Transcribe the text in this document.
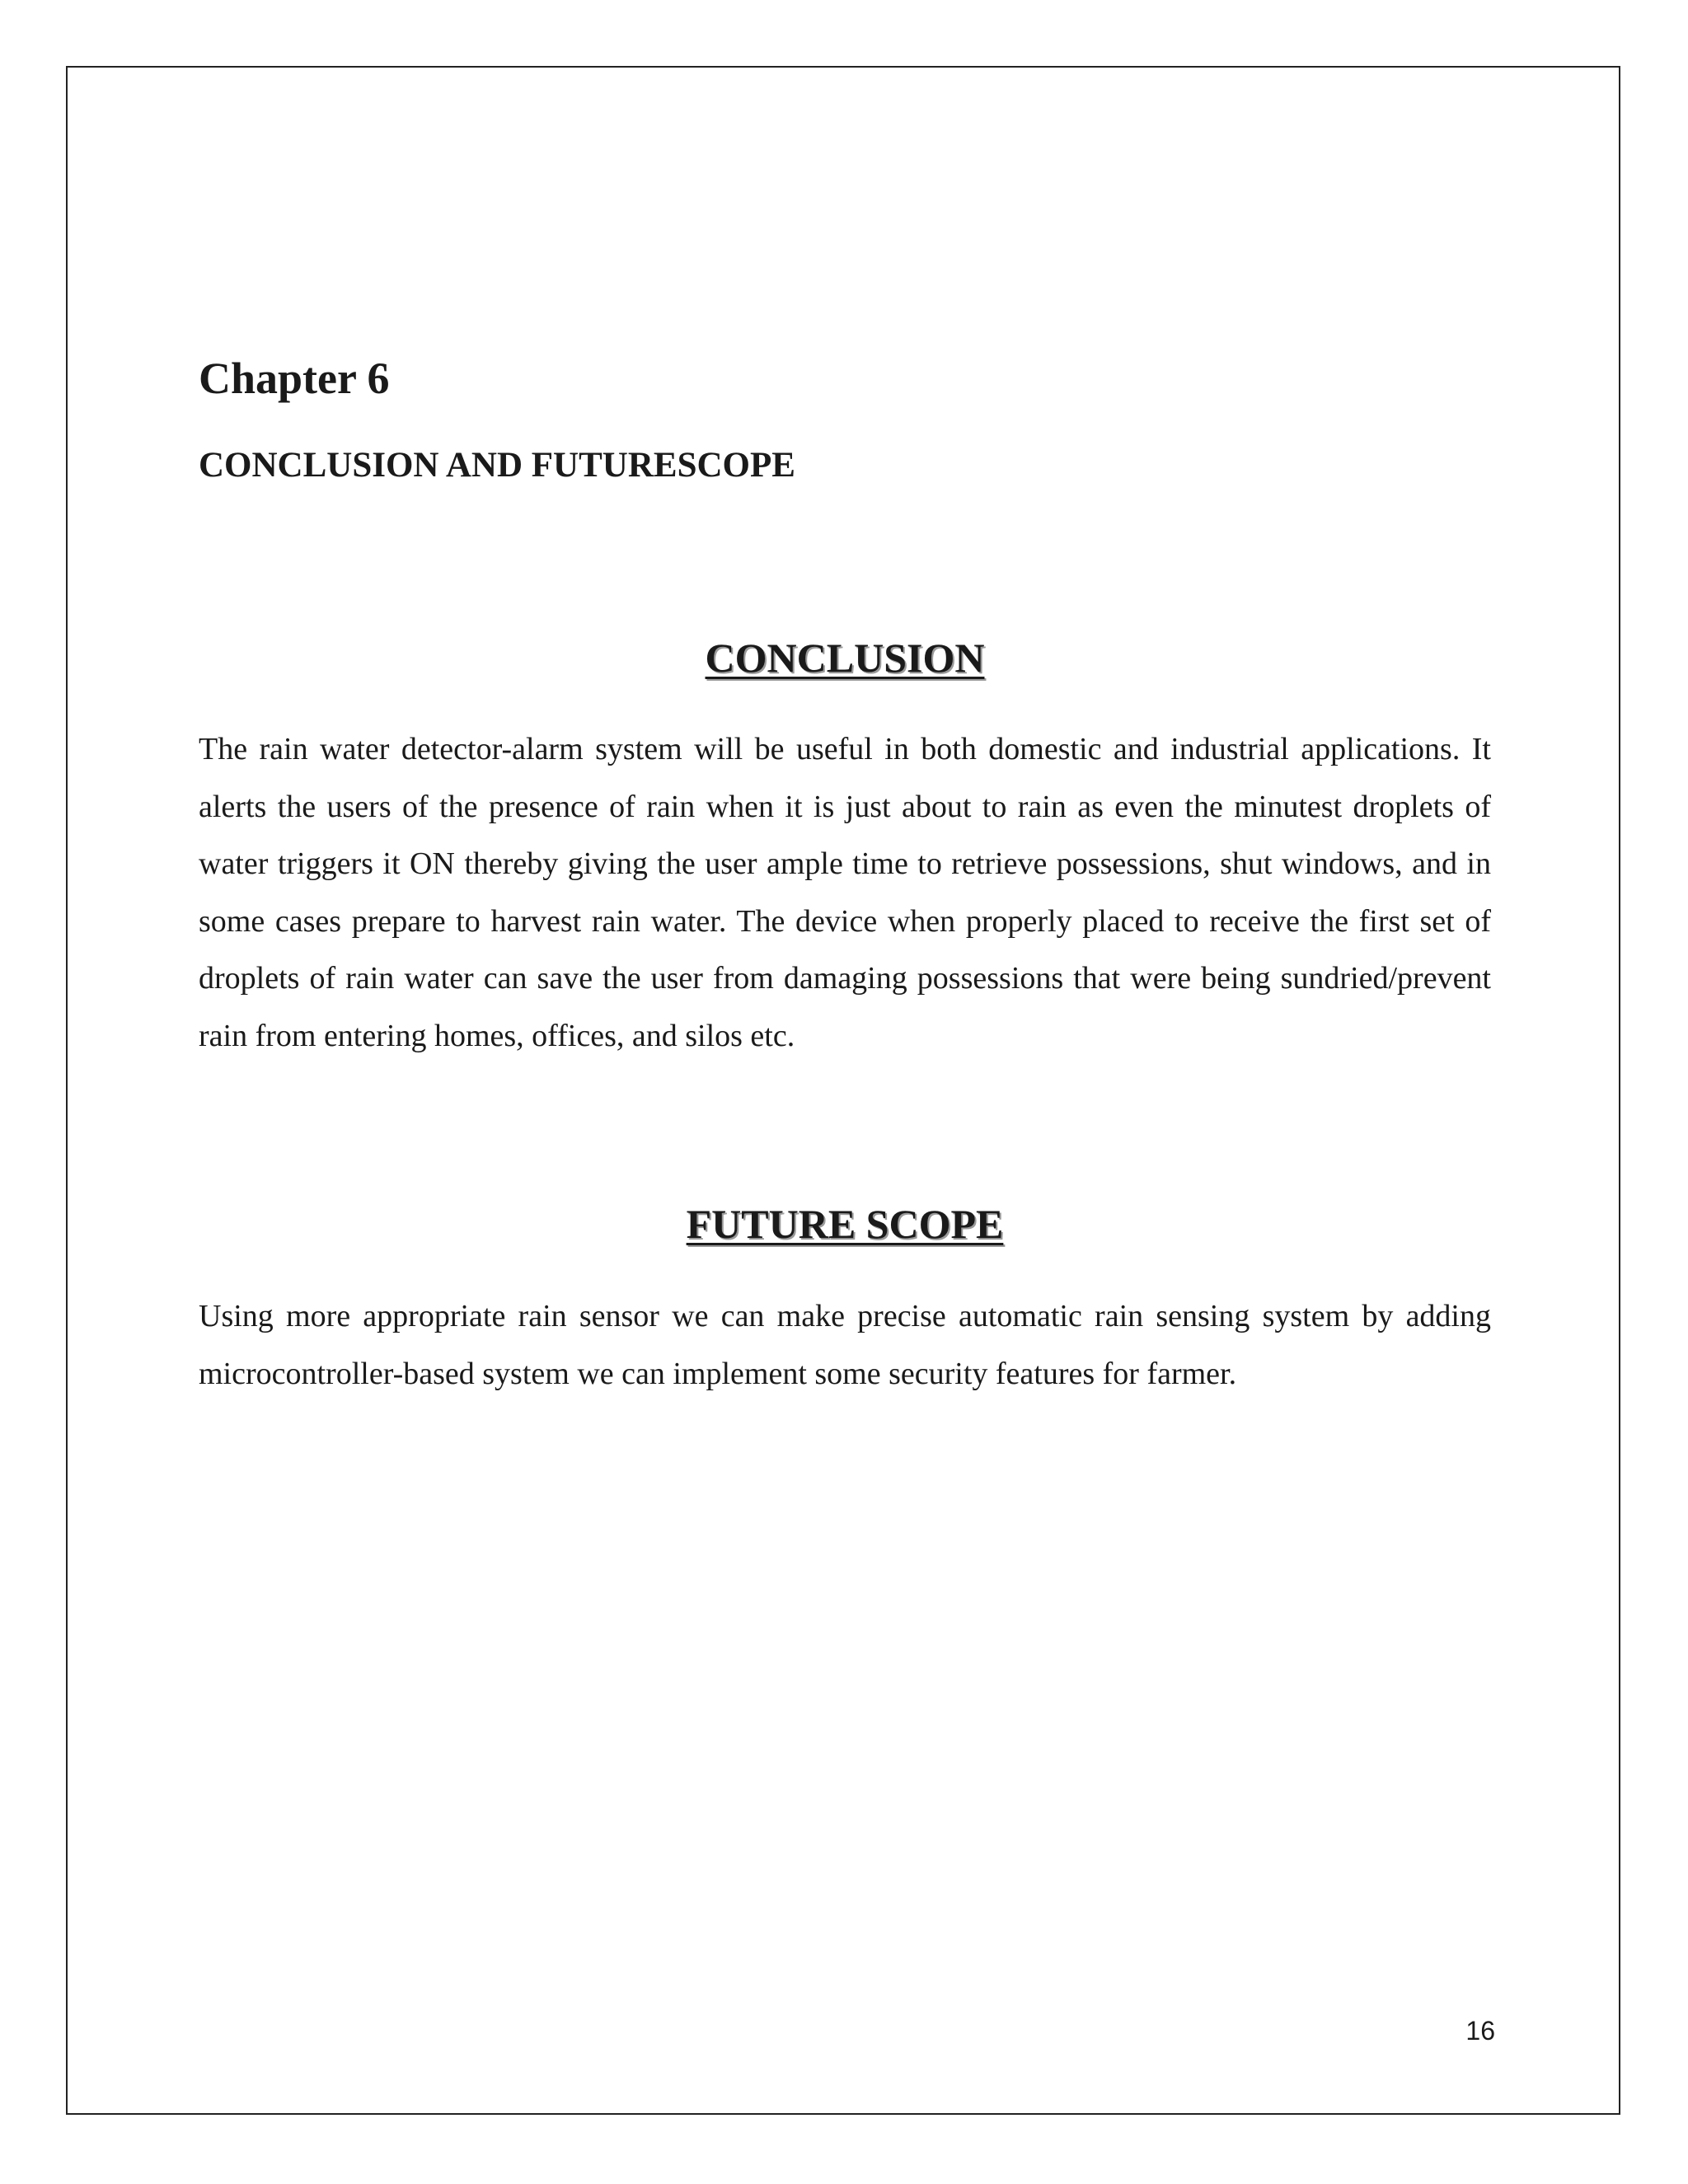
Chapter 6
CONCLUSION AND FUTURESCOPE
CONCLUSION

The rain water detector-alarm system will be useful in both domestic and industrial applications. It alerts the users of the presence of rain when it is just about to rain as even the minutest droplets of water triggers it ON thereby giving the user ample time to retrieve possessions, shut windows, and in some cases prepare to harvest rain water. The device when properly placed to receive the first set of droplets of rain water can save the user from damaging possessions that were being sundried/prevent rain from entering homes, offices, and silos etc.

FUTURE SCOPE

Using more appropriate rain sensor we can make precise automatic rain sensing system by adding microcontroller-based system we can implement some security features for farmer.

16
